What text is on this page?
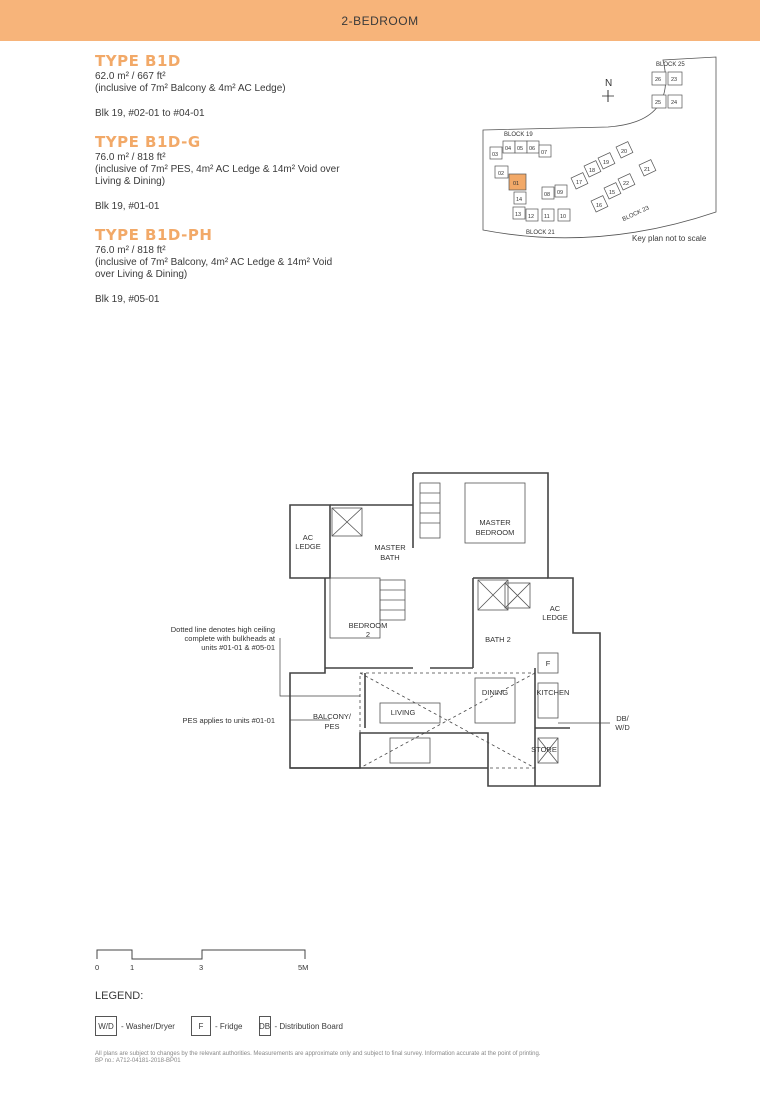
2-BEDROOM
TYPE B1D
62.0 m² / 667 ft²
(inclusive of 7m² Balcony & 4m² AC Ledge)
Blk 19, #02-01 to #04-01
TYPE B1D-G
76.0 m² / 818 ft²
(inclusive of 7m² PES, 4m² AC Ledge & 14m² Void over
Living & Dining)
Blk 19, #01-01
TYPE B1D-PH
76.0 m² / 818 ft²
(inclusive of 7m² Balcony, 4m² AC Ledge & 14m² Void
over Living & Dining)
Blk 19, #05-01
N
BLOCK 25
26 23
25 24
BLOCK 19
03
04 05 06
07
02
01
14
08 09
13 12 11 10
BLOCK 21
20
19
21
18
17	22
15
16	BLOCK 23
Key plan not to scale
AC
LEDGE	MASTER
BATH
MASTER
BEDROOM
BEDROOM
2
AC
LEDGE
BATH 2
DINING	KITCHEN
LIVING
BALCONY/
PES
STORE
F
Dotted line denotes high ceiling
complete with bulkheads at
units #01-01 & #05-01
PES applies to units #01-01	DB/
W/D
0	1	3	5M
LEGEND:
W/D - Washer/Dryer	F	- Fridge DB - Distribution Board
All plans are subject to changes by the relevant authorities. Measurements are approximate only and subject to final survey. Information accurate at the point of printing.
BP no.: A712-04181-2018-BP01
